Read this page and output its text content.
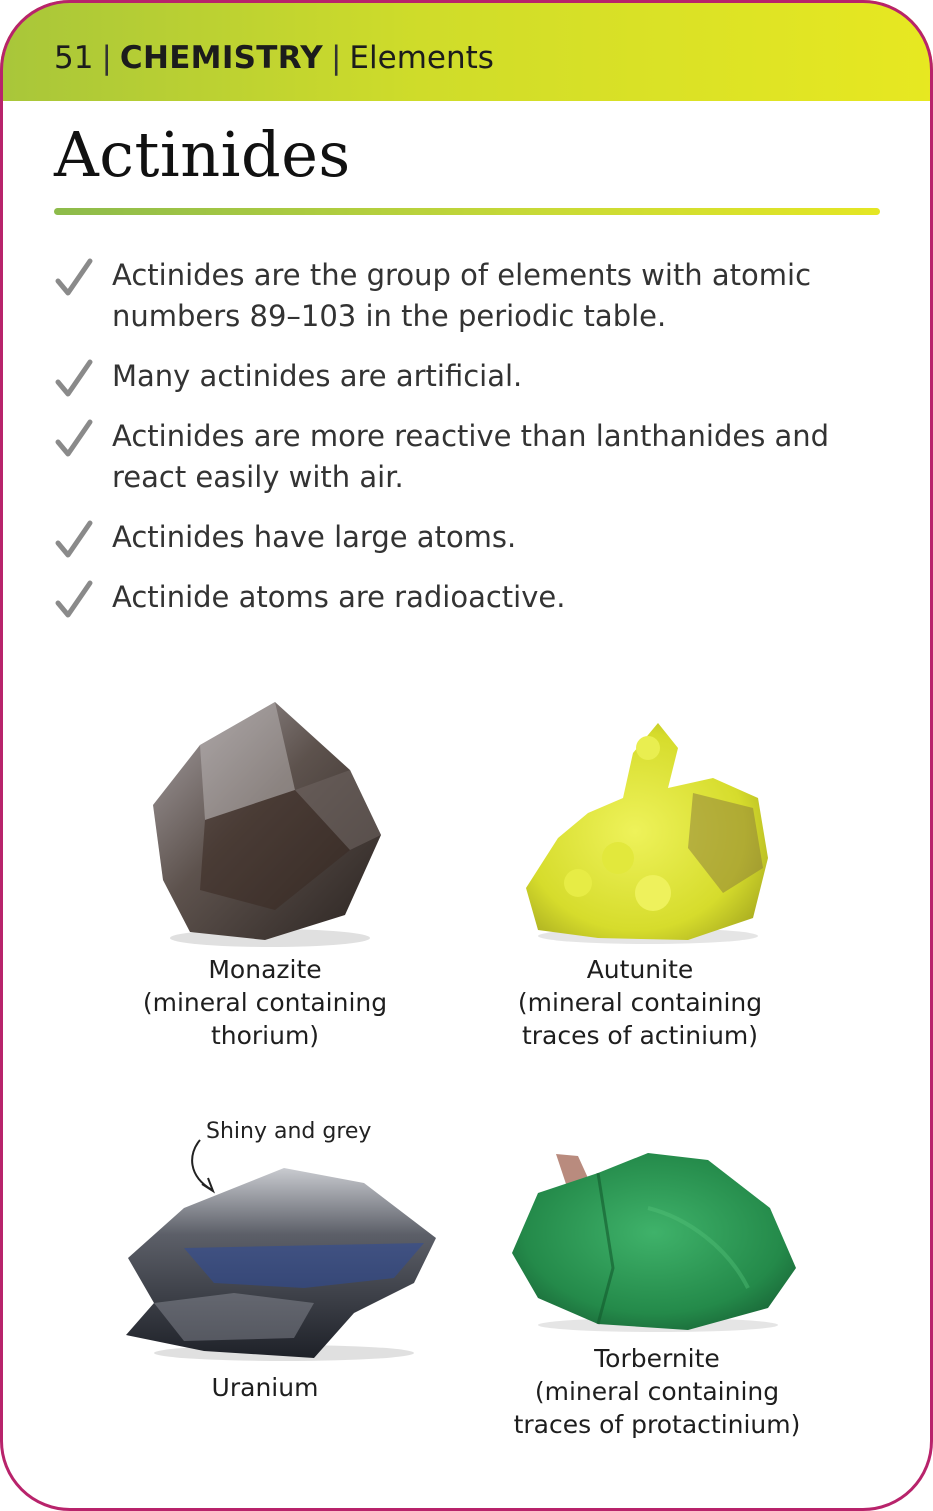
51 | CHEMISTRY | Elements
Actinides
Actinides are the group of elements with atomic numbers 89–103 in the periodic table.
Many actinides are artificial.
Actinides are more reactive than lanthanides and react easily with air.
Actinides have large atoms.
Actinide atoms are radioactive.
Monazite
(mineral containing
thorium)
Autunite
(mineral containing
traces of actinium)
Shiny and grey
Uranium
Torbernite
(mineral containing
traces of protactinium)
